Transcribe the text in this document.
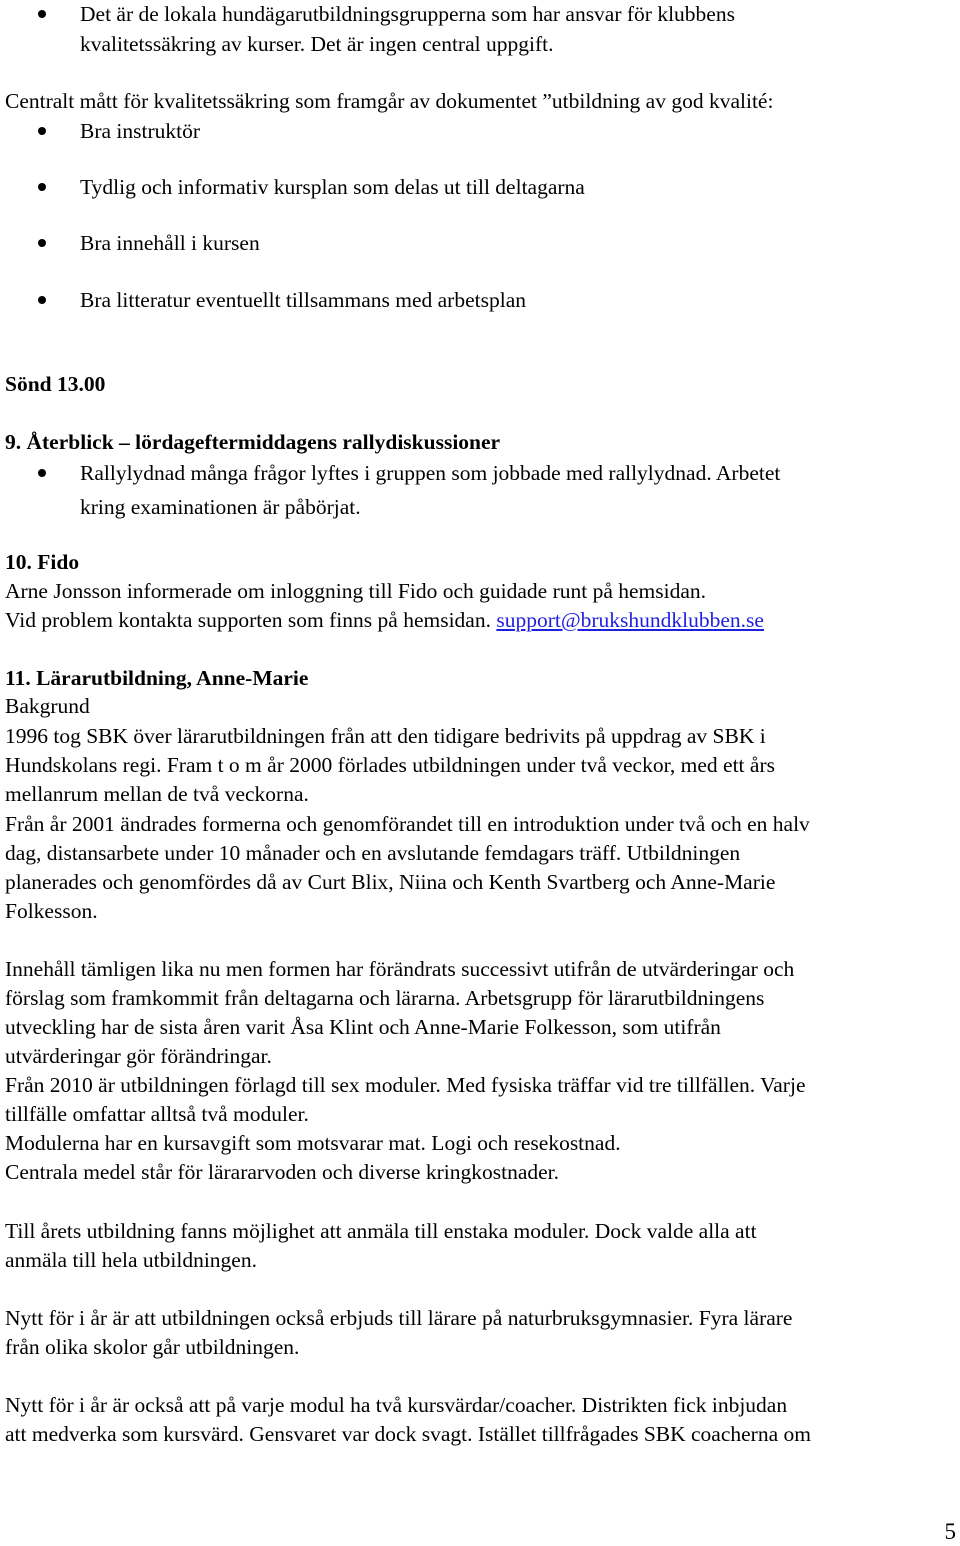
Det är de lokala hundägarutbildningsgrupperna som har ansvar för klubbens
kvalitetssäkring av kurser. Det är ingen central uppgift.
Centralt mått för kvalitetssäkring som framgår av dokumentet ”utbildning av god kvalité:
Bra instruktör
Tydlig och informativ kursplan som delas ut till deltagarna
Bra innehåll i kursen
Bra litteratur eventuellt tillsammans med arbetsplan
Sönd 13.00
9. Återblick – lördageftermiddagens rallydiskussioner
Rallylydnad många frågor lyftes i gruppen som jobbade med rallylydnad. Arbetet
kring examinationen är påbörjat.
10. Fido
Arne Jonsson informerade om inloggning till Fido och guidade runt på hemsidan.
Vid problem kontakta supporten som finns på hemsidan. support@brukshundklubben.se
11. Lärarutbildning, Anne-Marie
Bakgrund
1996 tog SBK över lärarutbildningen från att den tidigare bedrivits på uppdrag av SBK i
Hundskolans regi. Fram t o m år 2000 förlades utbildningen under två veckor, med ett års
mellanrum mellan de två veckorna.
Från år 2001 ändrades formerna och genomförandet till en introduktion under två och en halv
dag, distansarbete under 10 månader och en avslutande femdagars träff. Utbildningen
planerades och genomfördes då av Curt Blix, Niina och Kenth Svartberg och Anne-Marie
Folkesson.
Innehåll tämligen lika nu men formen har förändrats successivt utifrån de utvärderingar och
förslag som framkommit från deltagarna och lärarna. Arbetsgrupp för lärarutbildningens
utveckling har de sista åren varit Åsa Klint och Anne-Marie Folkesson, som utifrån
utvärderingar gör förändringar.
Från 2010 är utbildningen förlagd till sex moduler. Med fysiska träffar vid tre tillfällen. Varje
tillfälle omfattar alltså två moduler.
Modulerna har en kursavgift som motsvarar mat. Logi och resekostnad.
Centrala medel står för lärararvoden och diverse kringkostnader.
Till årets utbildning fanns möjlighet att anmäla till enstaka moduler. Dock valde alla att
anmäla till hela utbildningen.
Nytt för i år är att utbildningen också erbjuds till lärare på naturbruksgymnasier. Fyra lärare
från olika skolor går utbildningen.
Nytt för i år är också att på varje modul ha två kursvärdar/coacher. Distrikten fick inbjudan
att medverka som kursvärd. Gensvaret var dock svagt. Istället tillfrågades SBK coacherna om
5
